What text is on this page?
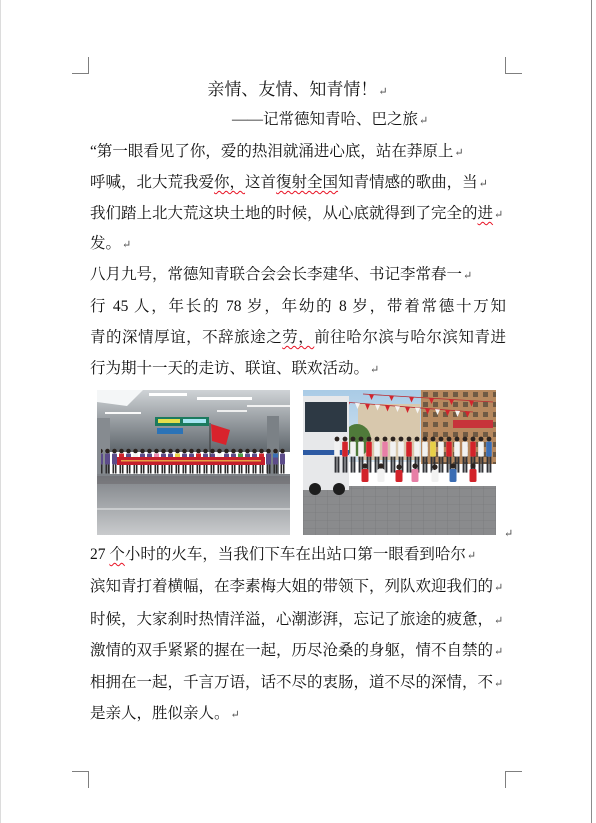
亲情、友情、知青情！↵
——记常德知青哈、巴之旅↵
“第一眼看见了你，爱的热泪就涌进心底，站在莽原上↵
呼喊，北大荒我爱你，这首復射全国知青情感的歌曲，当↵
我们踏上北大荒这块土地的时候，从心底就得到了完全的进↵
发。↵
八月九号，常德知青联合会会长李建华、书记李常春一↵
行 45 人，年长的 78 岁，年幼的 8 岁，带着常德十万知
青的深情厚谊，不辞旅途之劳，前往哈尔滨与哈尔滨知青进
行为期十一天的走访、联谊、联欢活动。↵
↵
27 个小时的火车，当我们下车在出站口第一眼看到哈尔↵
滨知青打着横幅，在李素梅大姐的带领下，列队欢迎我们的↵
时候，大家刹时热情洋溢，心潮澎湃，忘记了旅途的疲惫，↵
激情的双手紧紧的握在一起，历尽沧桑的身躯，情不自禁的↵
相拥在一起，千言万语，话不尽的衷肠，道不尽的深情，不↵
是亲人，胜似亲人。↵
